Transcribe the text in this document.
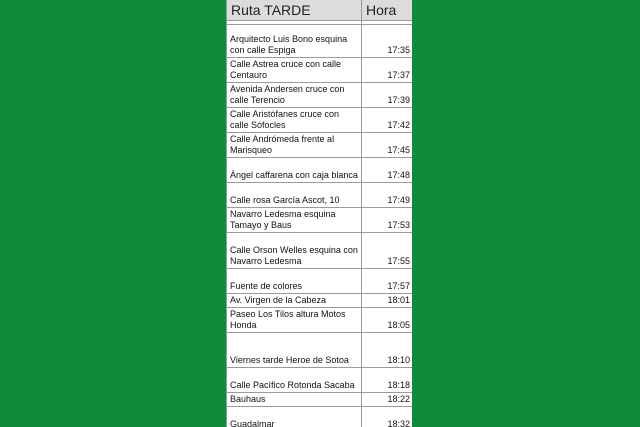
Ruta TARDE	Hora

Arquitecto Luis Bono esquina con calle Espiga	17:35
Calle Astrea cruce con calle Centauro	17:37
Avenida Andersen cruce con calle Terencio	17:39
Calle Aristófanes cruce con calle Sófocles	17:42
Calle Andrómeda frente al Marisqueo	17:45
Ángel caffarena con caja blanca	17:48
Calle rosa García Ascot, 10	17:49
Navarro Ledesma esquina Tamayo y Baus	17:53
Calle Orson Welles esquina con Navarro Ledesma	17:55
Fuente de colores	17:57
Av. Virgen de la Cabeza	18:01
Paseo Los Tilos altura Motos Honda	18:05
Viernes tarde Heroe de Sotoa	18:10
Calle Pacífico Rotonda Sacaba	18:18
Bauhaus	18:22
Guadalmar	18:32
